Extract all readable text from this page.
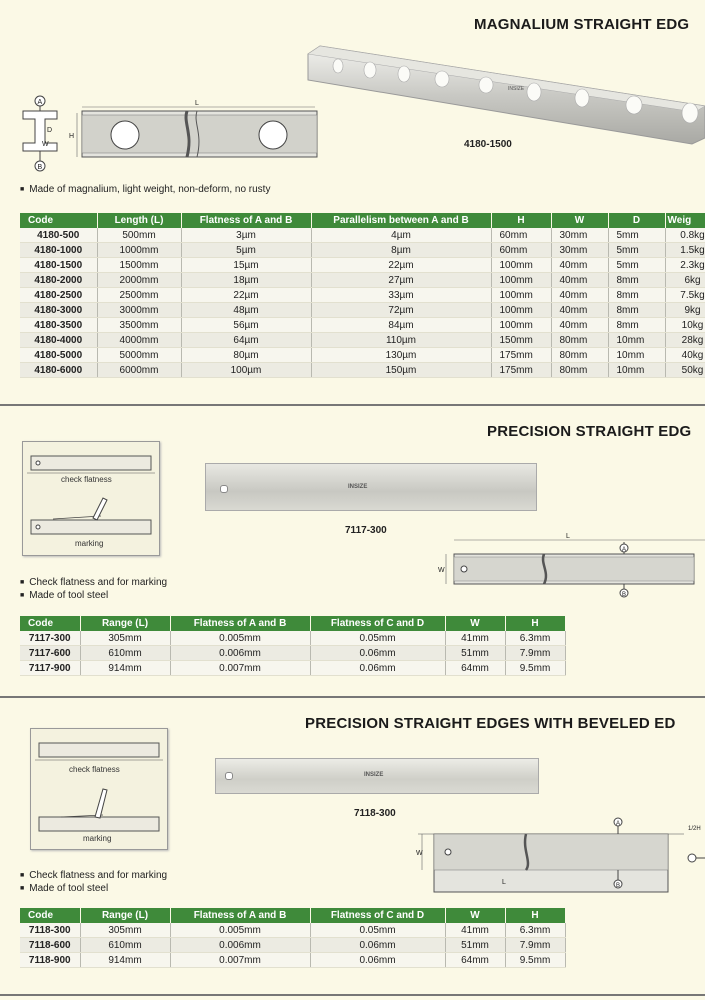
MAGNALIUM STRAIGHT EDG
INSIZE
4180-1500
A
B
D
W
L
H
■ Made of magnalium, light weight, non-deform, no rusty
Code	Length (L)	Flatness of A and B	Parallelism between A and B	H	W	D	Weig
4180-500	500mm	3µm	4µm	60mm	30mm	5mm	0.8kg
4180-1000	1000mm	5µm	8µm	60mm	30mm	5mm	1.5kg
4180-1500	1500mm	15µm	22µm	100mm	40mm	5mm	2.3kg
4180-2000	2000mm	18µm	27µm	100mm	40mm	8mm	6kg
4180-2500	2500mm	22µm	33µm	100mm	40mm	8mm	7.5kg
4180-3000	3000mm	48µm	72µm	100mm	40mm	8mm	9kg
4180-3500	3500mm	56µm	84µm	100mm	40mm	8mm	10kg
4180-4000	4000mm	64µm	110µm	150mm	80mm	10mm	28kg
4180-5000	5000mm	80µm	130µm	175mm	80mm	10mm	40kg
4180-6000	6000mm	100µm	150µm	175mm	80mm	10mm	50kg
PRECISION STRAIGHT EDG
check flatness
marking
INSIZE
7117-300
L
W
A
B
■ Check flatness and for marking
■ Made of tool steel
Code	Range (L)	Flatness of A and B	Flatness of C and D	W	H
7117-300	305mm	0.005mm	0.05mm	41mm	6.3mm
7117-600	610mm	0.006mm	0.06mm	51mm	7.9mm
7117-900	914mm	0.007mm	0.06mm	64mm	9.5mm
PRECISION STRAIGHT EDGES WITH BEVELED ED
check flatness
marking
INSIZE
7118-300
W
A
B
L
1/2H
■ Check flatness and for marking
■ Made of tool steel
Code	Range (L)	Flatness of A and B	Flatness of C and D	W	H
7118-300	305mm	0.005mm	0.05mm	41mm	6.3mm
7118-600	610mm	0.006mm	0.06mm	51mm	7.9mm
7118-900	914mm	0.007mm	0.06mm	64mm	9.5mm
